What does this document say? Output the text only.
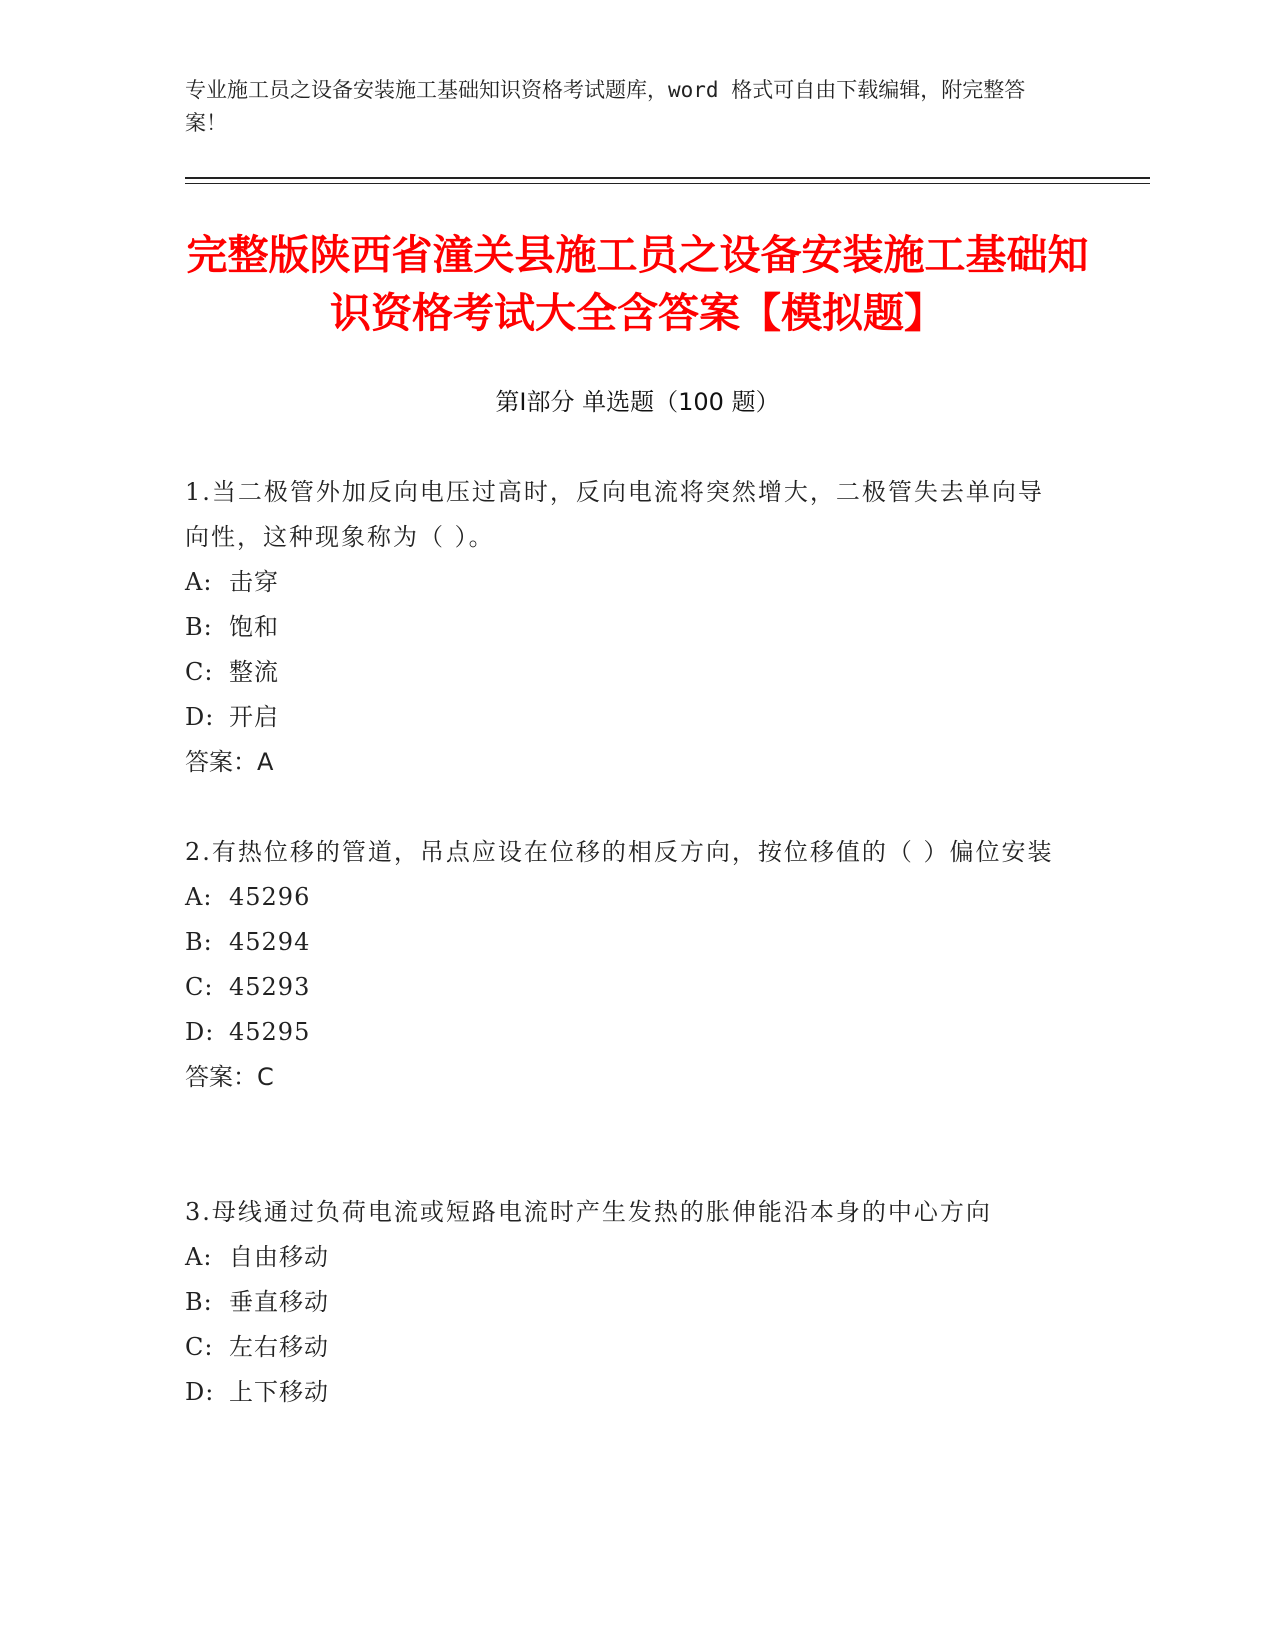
专业施工员之设备安装施工基础知识资格考试题库，word 格式可自由下载编辑，附完整答案！
完整版陕西省潼关县施工员之设备安装施工基础知识资格考试大全含答案【模拟题】
第Ⅰ部分 单选题（100 题）
1.当二极管外加反向电压过高时，反向电流将突然增大，二极管失去单向导向性，这种现象称为（ ）。
A: 击穿
B: 饱和
C: 整流
D: 开启
答案：A
2.有热位移的管道，吊点应设在位移的相反方向，按位移值的（ ）偏位安装
A: 45296
B: 45294
C: 45293
D: 45295
答案：C
3.母线通过负荷电流或短路电流时产生发热的胀伸能沿本身的中心方向
A: 自由移动
B: 垂直移动
C: 左右移动
D: 上下移动
